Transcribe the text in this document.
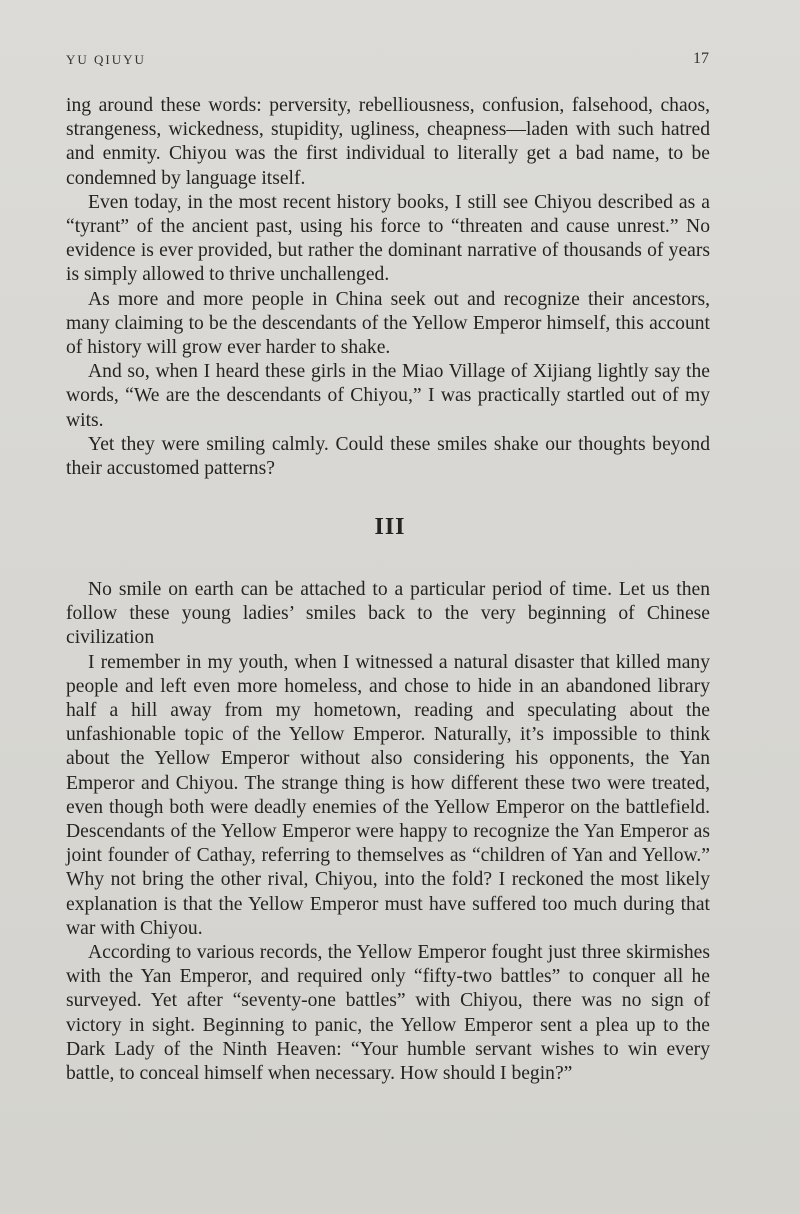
YU QIUYU	17

ing around these words: perversity, rebelliousness, confusion, falsehood, chaos, strangeness, wickedness, stupidity, ugliness, cheapness—laden with such hatred and enmity. Chiyou was the first individual to literally get a bad name, to be condemned by language itself.

Even today, in the most recent history books, I still see Chiyou described as a “tyrant” of the ancient past, using his force to “threaten and cause unrest.” No evidence is ever provided, but rather the dominant narrative of thousands of years is simply allowed to thrive unchallenged.

As more and more people in China seek out and recognize their ancestors, many claiming to be the descendants of the Yellow Emperor himself, this account of history will grow ever harder to shake.

And so, when I heard these girls in the Miao Village of Xijiang lightly say the words, “We are the descendants of Chiyou,” I was practically startled out of my wits.

Yet they were smiling calmly. Could these smiles shake our thoughts beyond their accustomed patterns?

III

No smile on earth can be attached to a particular period of time. Let us then follow these young ladies’ smiles back to the very beginning of Chinese civilization

I remember in my youth, when I witnessed a natural disaster that killed many people and left even more homeless, and chose to hide in an abandoned library half a hill away from my hometown, reading and speculating about the unfashionable topic of the Yellow Emperor. Naturally, it’s impossible to think about the Yellow Emperor without also considering his opponents, the Yan Emperor and Chiyou. The strange thing is how different these two were treated, even though both were deadly enemies of the Yellow Emperor on the battlefield. Descendants of the Yellow Emperor were happy to recognize the Yan Emperor as joint founder of Cathay, referring to themselves as “children of Yan and Yellow.” Why not bring the other rival, Chiyou, into the fold? I reckoned the most likely explanation is that the Yellow Emperor must have suffered too much during that war with Chiyou.

According to various records, the Yellow Emperor fought just three skirmishes with the Yan Emperor, and required only “fifty-two battles” to conquer all he surveyed. Yet after “seventy-one battles” with Chiyou, there was no sign of victory in sight. Beginning to panic, the Yellow Emperor sent a plea up to the Dark Lady of the Ninth Heaven: “Your humble servant wishes to win every battle, to conceal himself when necessary. How should I begin?”
